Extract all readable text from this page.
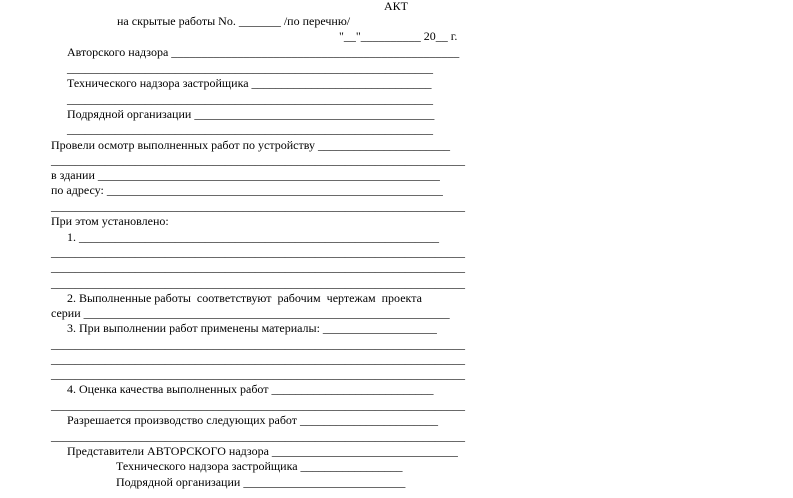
АКТ

на скрытые работы No. _______ /по перечню/

"__"__________ 20__ г.

Авторского надзора ________________________________________________

_____________________________________________________________

Технического надзора застройщика ______________________________

_____________________________________________________________

Подрядной организации ________________________________________

_____________________________________________________________

Провели осмотр выполненных работ по устройству ______________________

_____________________________________________________________________

в здании _________________________________________________________

по адресу: ________________________________________________________

_____________________________________________________________________

При этом установлено:

1. ____________________________________________________________

_____________________________________________________________________

_____________________________________________________________________

_____________________________________________________________________

2. Выполненные работы  соответствуют  рабочим  чертежам  проекта

серии _____________________________________________________________

3. При выполнении работ применены материалы: ___________________

_____________________________________________________________________

_____________________________________________________________________

_____________________________________________________________________

4. Оценка качества выполненных работ ___________________________

_____________________________________________________________________

Разрешается производство следующих работ _______________________

_____________________________________________________________________

Представители АВТОРСКОГО надзора _______________________________

Технического надзора застройщика _________________

Подрядной организации ___________________________
